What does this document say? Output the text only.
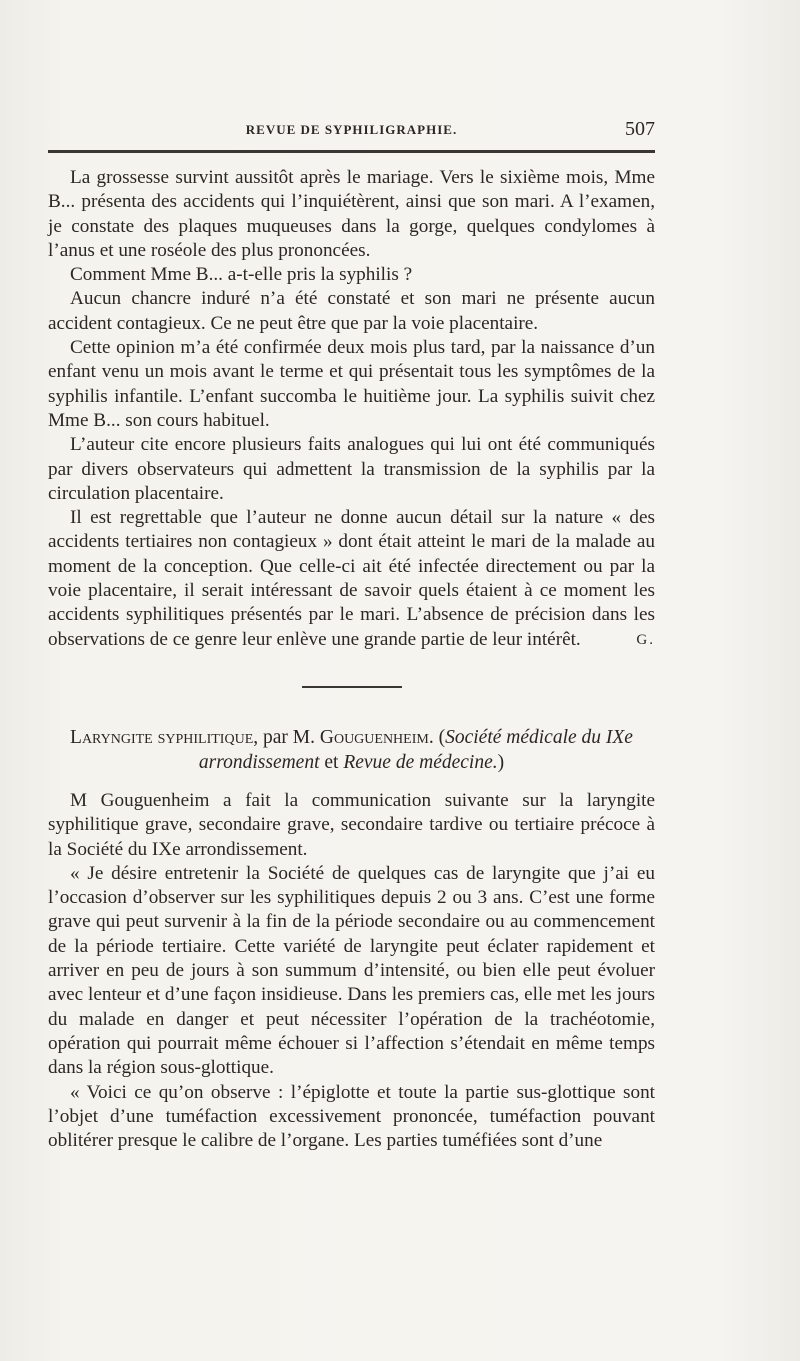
REVUE DE SYPHILIGRAPHIE.	507

La grossesse survint aussitôt après le mariage. Vers le sixième mois, Mme B... présenta des accidents qui l’inquiétèrent, ainsi que son mari. A l’examen, je constate des plaques muqueuses dans la gorge, quelques condylomes à l’anus et une roséole des plus prononcées.

Comment Mme B... a-t-elle pris la syphilis ?

Aucun chancre induré n’a été constaté et son mari ne présente aucun accident contagieux. Ce ne peut être que par la voie placentaire.

Cette opinion m’a été confirmée deux mois plus tard, par la naissance d’un enfant venu un mois avant le terme et qui présentait tous les symptômes de la syphilis infantile. L’enfant succomba le huitième jour. La syphilis suivit chez Mme B... son cours habituel.

L’auteur cite encore plusieurs faits analogues qui lui ont été communiqués par divers observateurs qui admettent la transmission de la syphilis par la circulation placentaire.

Il est regrettable que l’auteur ne donne aucun détail sur la nature « des accidents tertiaires non contagieux » dont était atteint le mari de la malade au moment de la conception. Que celle-ci ait été infectée directement ou par la voie placentaire, il serait intéressant de savoir quels étaient à ce moment les accidents syphilitiques présentés par le mari. L’absence de précision dans les observations de ce genre leur enlève une grande partie de leur intérêt.	G.

Laryngite syphilitique, par M. Gouguenheim. (Société médicale du IXe arrondissement et Revue de médecine.)

M Gouguenheim a fait la communication suivante sur la laryngite syphilitique grave, secondaire grave, secondaire tardive ou tertiaire précoce à la Société du IXe arrondissement.

« Je désire entretenir la Société de quelques cas de laryngite que j’ai eu l’occasion d’observer sur les syphilitiques depuis 2 ou 3 ans. C’est une forme grave qui peut survenir à la fin de la période secondaire ou au commencement de la période tertiaire. Cette variété de laryngite peut éclater rapidement et arriver en peu de jours à son summum d’intensité, ou bien elle peut évoluer avec lenteur et d’une façon insidieuse. Dans les premiers cas, elle met les jours du malade en danger et peut nécessiter l’opération de la trachéotomie, opération qui pourrait même échouer si l’affection s’étendait en même temps dans la région sous-glottique.

« Voici ce qu’on observe : l’épiglotte et toute la partie sus-glottique sont l’objet d’une tuméfaction excessivement prononcée, tuméfaction pouvant oblitérer presque le calibre de l’organe. Les parties tuméfiées sont d’une
